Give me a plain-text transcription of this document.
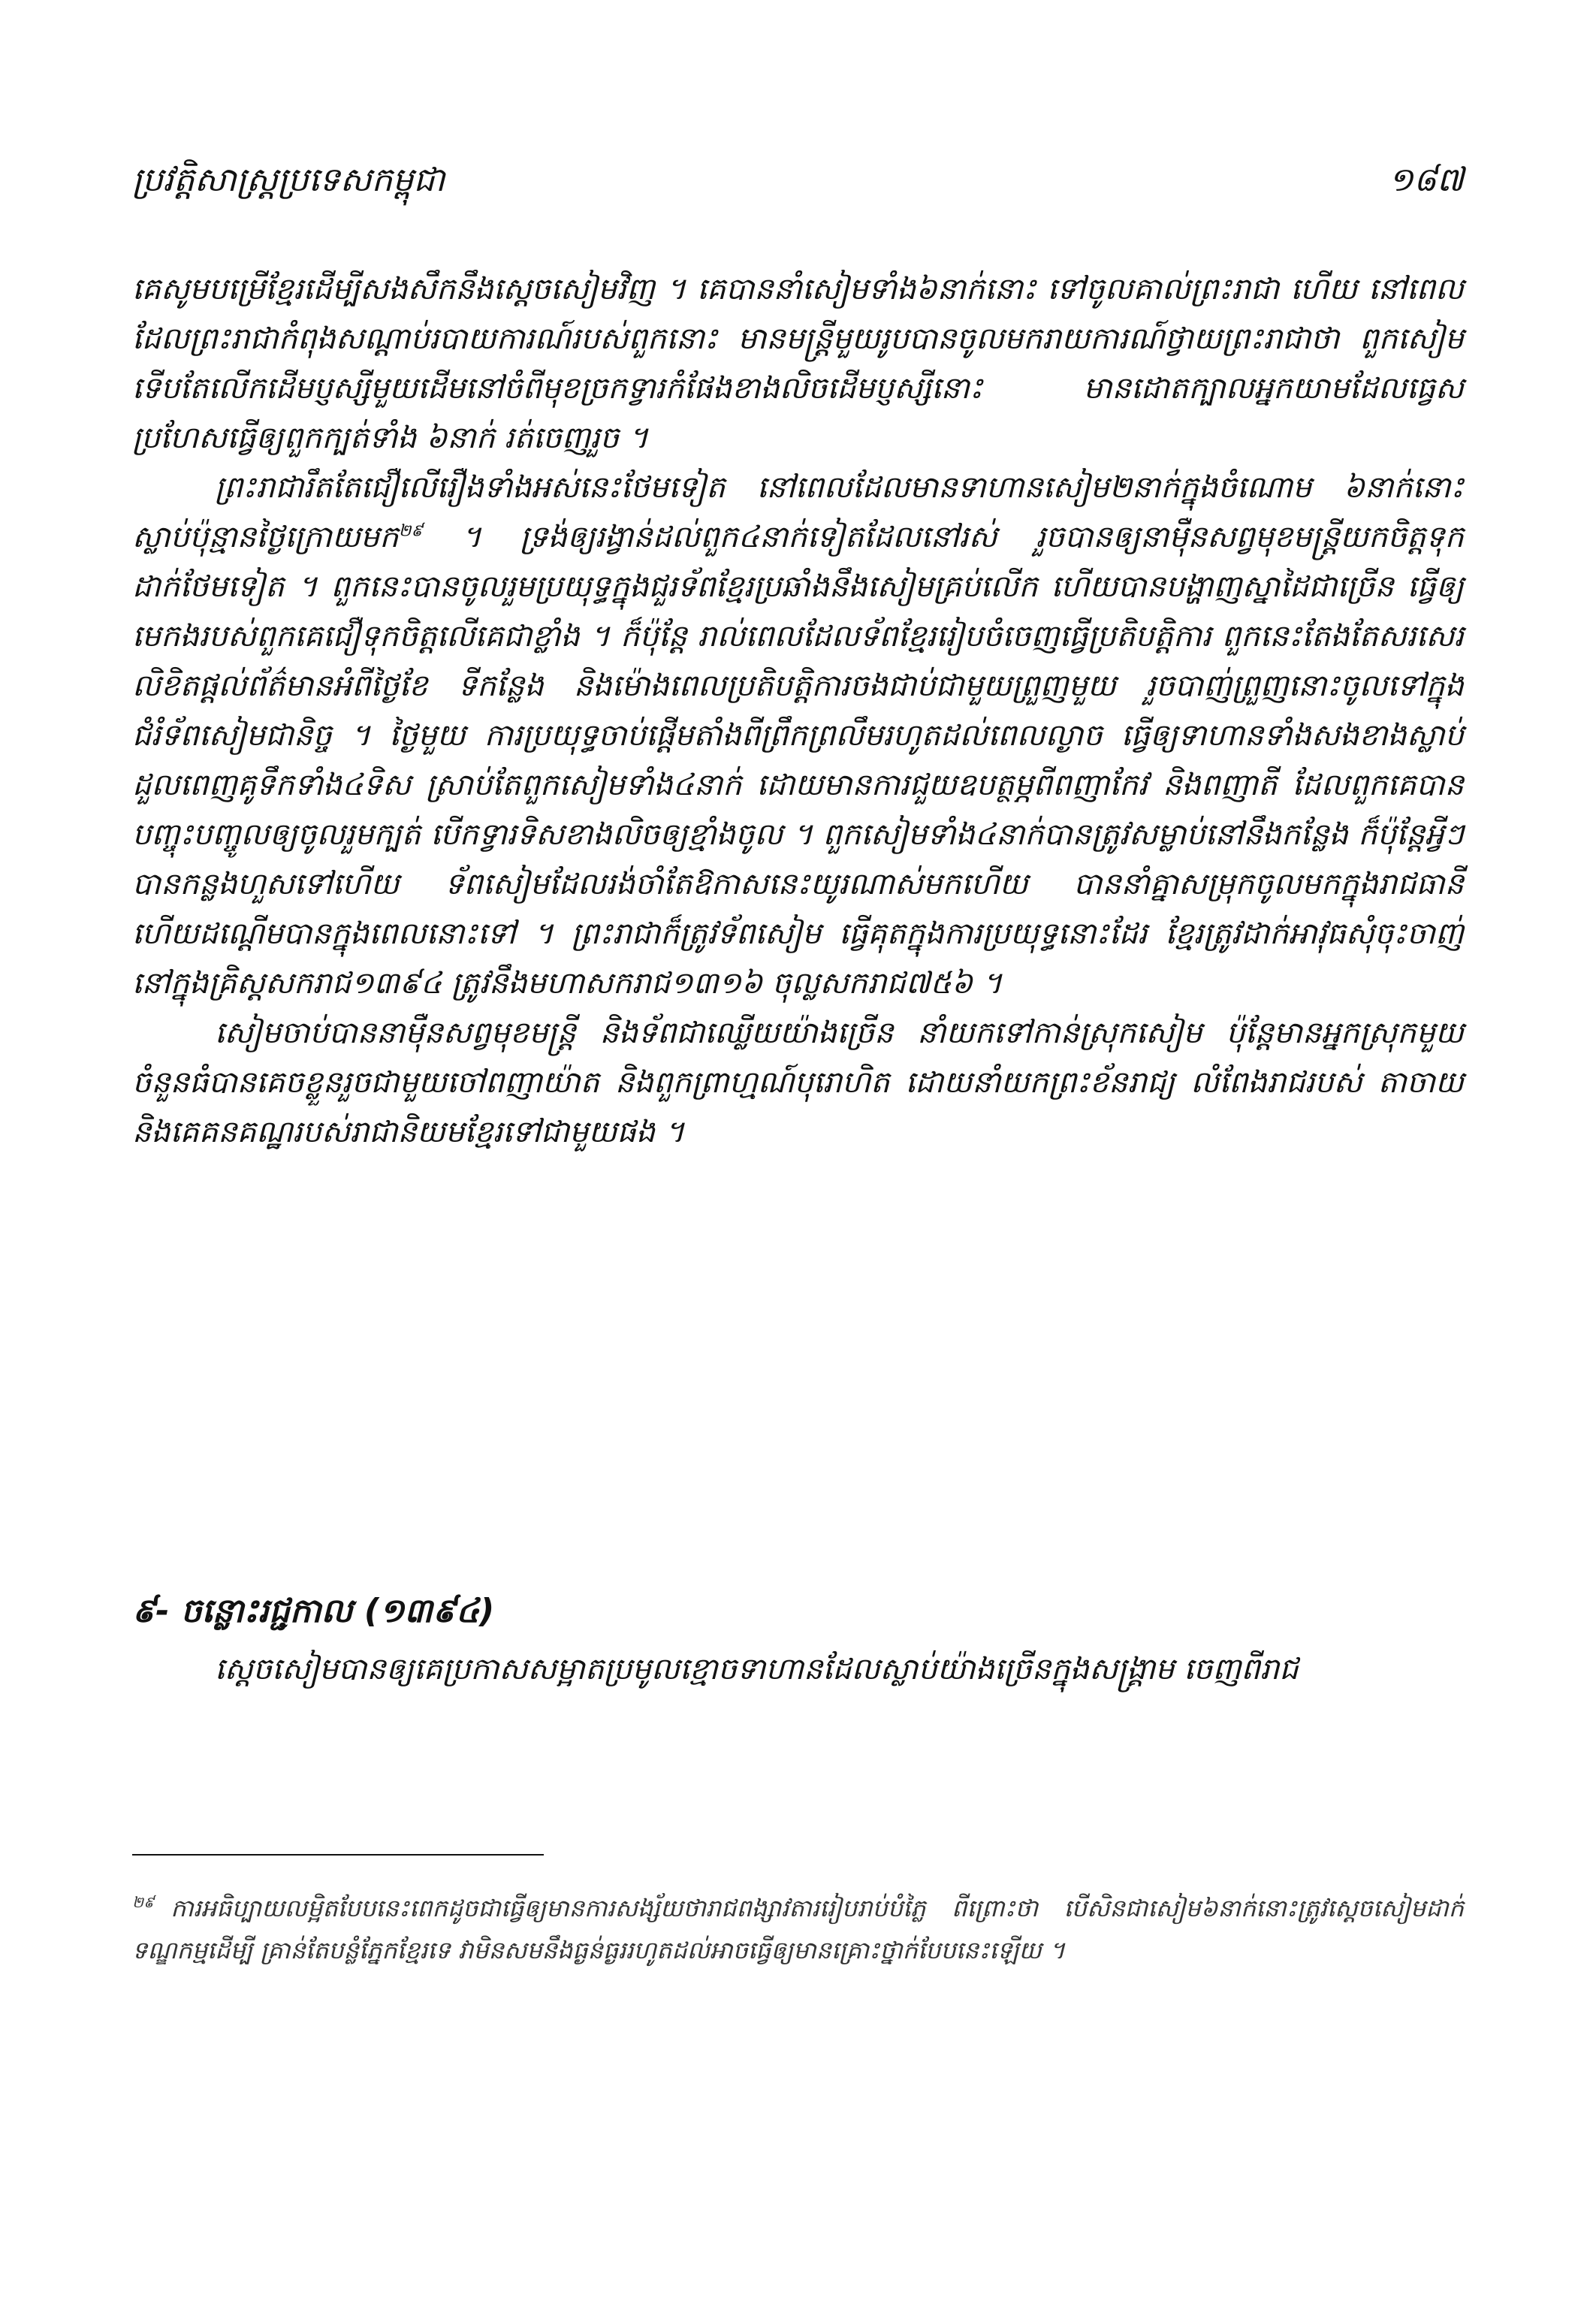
ប្រវត្តិសាស្ត្រប្រទេសកម្ពុជា	១៨៧

គេសូមបម្រើខ្មែរដើម្បីសងសឹកនឹងស្តេចសៀមវិញ ។ គេបាននាំសៀមទាំង៦នាក់នោះ ទៅចូលគាល់ព្រះរាជា ហើយ នៅពេលដែលព្រះរាជាកំពុងសណ្តាប់របាយការណ៍របស់ពួកនោះ មានមន្ត្រីមួយរូបបានចូលមករាយការណ៍ថ្វាយព្រះរាជាថា ពួកសៀមទើបតែលើកដើមប្ញស្សីមួយដើមនៅចំពីមុខច្រកទ្វារកំផែងខាងលិចដើមប្ញស្សីនោះ មានដោតក្បាលអ្នកយាមដែលធ្វេសប្រហែសធ្វើឲ្យពួកក្បត់ទាំង ៦នាក់ រត់ចេញរួច ។

ព្រះរាជារឹតតែជឿលើរឿងទាំងអស់នេះថែមទៀត នៅពេលដែលមានទាហានសៀម២នាក់ក្នុងចំណោម ៦នាក់នោះ ស្លាប់ប៉ុន្មានថ្ងៃក្រោយមក$^{២៩}$ ។ ទ្រង់ឲ្យរង្វាន់ដល់ពួក៤នាក់ទៀតដែលនៅរស់ រួចបានឲ្យនាម៉ឺនសព្វមុខមន្ត្រីយកចិត្តទុកដាក់ថែមទៀត ។ ពួកនេះបានចូលរួមប្រយុទ្ធក្នុងជួរទ័ពខ្មែរប្រឆាំងនឹងសៀមគ្រប់លើក ហើយបានបង្ហាញស្នាដៃជាច្រើន ធ្វើឲ្យមេកងរបស់ពួកគេជឿទុកចិត្តលើគេជាខ្លាំង ។ ក៏ប៉ុន្តែ រាល់ពេលដែលទ័ពខ្មែររៀបចំចេញធ្វើប្រតិបត្តិការ ពួកនេះតែងតែសរសេរលិខិតផ្តល់ព័ត៌មានអំពីថ្ងៃខែ ទីកន្លែង និងម៉ោងពេលប្រតិបត្តិការចងជាប់ជាមួយព្រួញមួយ រួចបាញ់ព្រួញនោះចូលទៅក្នុងជំរំទ័ពសៀមជានិច្ច ។ ថ្ងៃមួយ ការប្រយុទ្ធចាប់ផ្តើមតាំងពីព្រឹកព្រលឹមរហូតដល់ពេលល្ងាច ធ្វើឲ្យទាហានទាំងសងខាងស្លាប់ ដួលពេញគូទឹកទាំង៤ទិស ស្រាប់តែពួកសៀមទាំង៤នាក់ ដោយមានការជួយឧបត្ថម្ភពីពញាកែវ និងពញាតី ដែលពួកគេបានបញ្ចុះបញ្ចូលឲ្យចូលរួមក្បត់ បើកទ្វារទិសខាងលិចឲ្យខ្មាំងចូល ។ ពួកសៀមទាំង៤នាក់បានត្រូវសម្លាប់នៅនឹងកន្លែង ក៏ប៉ុន្តែអ្វីៗបានកន្លងហួសទៅហើយ ទ័ពសៀមដែលរង់ចាំតែឱកាសនេះយូរណាស់មកហើយ បាននាំគ្នាសម្រុកចូលមកក្នុងរាជធានី ហើយដណ្តើមបានក្នុងពេលនោះទៅ ។ ព្រះរាជាក៏ត្រូវទ័ពសៀម ធ្វើគុតក្នុងការប្រយុទ្ធនោះដែរ ខ្មែរត្រូវដាក់អាវុធសុំចុះចាញ់នៅក្នុងគ្រិស្តសករាជ១៣៩៤ ត្រូវនឹងមហាសករាជ១៣១៦ ចុល្លសករាជ៧៥៦ ។

សៀមចាប់បាននាម៉ឺនសព្វមុខមន្ត្រី និងទ័ពជាឈ្លើយយ៉ាងច្រើន នាំយកទៅកាន់ស្រុកសៀម ប៉ុន្តែមានអ្នកស្រុកមួយចំនួនធំបានគេចខ្លួនរួចជាមួយចៅពញាយ៉ាត និងពួកព្រាហ្មណ៍បុរោហិត ដោយនាំយកព្រះខ័នរាជ្យ លំពែងរាជរបស់ តាចាយ និងគេគនគណ្ឋរបស់រាជានិយមខ្មែរទៅជាមួយផង ។

៩- ចន្លោះរជ្ជកាល (១៣៩៤)

ស្តេចសៀមបានឲ្យគេប្រកាសសម្អាតប្រមូលខ្មោចទាហានដែលស្លាប់យ៉ាងច្រើនក្នុងសង្គ្រាម ចេញពីរាជ

$^{២៩}$ ការអធិប្បាយលម្អិតបែបនេះពេកដូចជាធ្វើឲ្យមានការសង្ស័យថារាជពង្សាវតាររៀបរាប់បំភ្លៃ ពីព្រោះថា បើសិនជាសៀម៦នាក់នោះត្រូវស្តេចសៀមដាក់ទណ្ឌកម្មដើម្បី គ្រាន់តែបន្លំភ្នែកខ្មែរទេ វាមិនសមនឹងធ្ងន់ធ្ងររហូតដល់អាចធ្វើឲ្យមានគ្រោះថ្នាក់បែបនេះឡើយ ។
